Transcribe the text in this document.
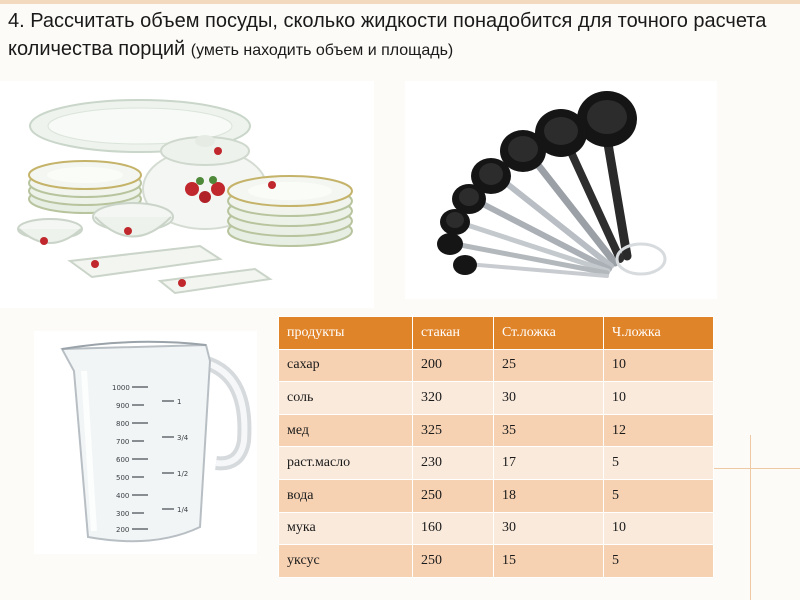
4. Рассчитать объем посуды, сколько жидкости понадобится для точного расчета количества порций (уметь находить объем и площадь)
1000
900
800
700
600
500
400
300
200
1
3/4
1/2
1/4
продукты	стакан	Ст.ложка	Ч.ложка
сахар	200	25	10
соль	320	30	10
мед	325	35	12
раст.масло	230	17	5
вода	250	18	5
мука	160	30	10
уксус	250	15	5
